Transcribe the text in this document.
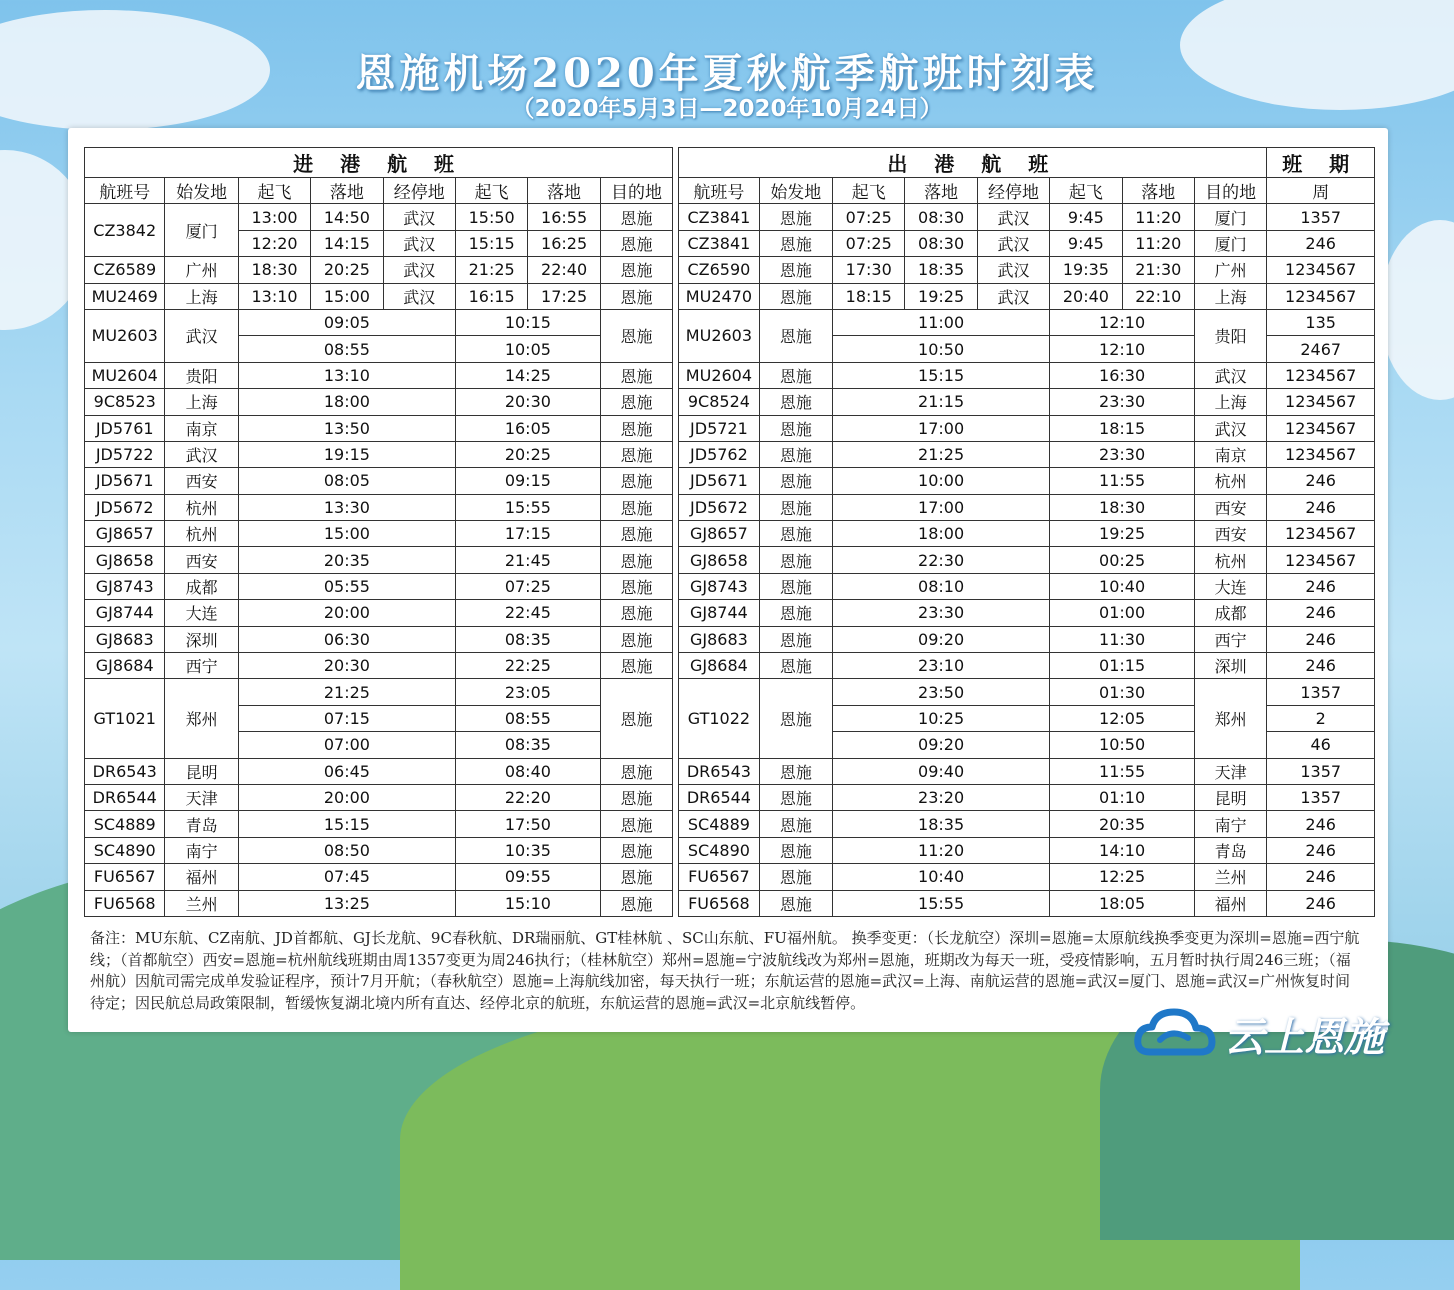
恩施机场2020年夏秋航季航班时刻表
（2020年5月3日—2020年10月24日）
进 港 航 班									出 港 航 班								班 期
航班号	始发地	起飞	落地	经停地	起飞	落地	目的地		航班号	始发地	起飞	落地	经停地	起飞	落地	目的地	周
CZ3842	厦门	13:00	14:50	武汉	15:50	16:55	恩施		CZ3841	恩施	07:25	08:30	武汉	9:45	11:20	厦门	1357
		12:20	14:15	武汉	15:15	16:25	恩施		CZ3841	恩施	07:25	08:30	武汉	9:45	11:20	厦门	246
CZ6589	广州	18:30	20:25	武汉	21:25	22:40	恩施		CZ6590	恩施	17:30	18:35	武汉	19:35	21:30	广州	1234567
MU2469	上海	13:10	15:00	武汉	16:15	17:25	恩施		MU2470	恩施	18:15	19:25	武汉	20:40	22:10	上海	1234567
MU2603	武汉	09:05			10:15		恩施		MU2603	恩施	11:00			12:10		贵阳	135
		08:55			10:05						10:50			12:10			2467
MU2604	贵阳	13:10			14:25		恩施		MU2604	恩施	15:15			16:30		武汉	1234567
9C8523	上海	18:00			20:30		恩施		9C8524	恩施	21:15			23:30		上海	1234567
JD5761	南京	13:50			16:05		恩施		JD5721	恩施	17:00			18:15		武汉	1234567
JD5722	武汉	19:15			20:25		恩施		JD5762	恩施	21:25			23:30		南京	1234567
JD5671	西安	08:05			09:15		恩施		JD5671	恩施	10:00			11:55		杭州	246
JD5672	杭州	13:30			15:55		恩施		JD5672	恩施	17:00			18:30		西安	246
GJ8657	杭州	15:00			17:15		恩施		GJ8657	恩施	18:00			19:25		西安	1234567
GJ8658	西安	20:35			21:45		恩施		GJ8658	恩施	22:30			00:25		杭州	1234567
GJ8743	成都	05:55			07:25		恩施		GJ8743	恩施	08:10			10:40		大连	246
GJ8744	大连	20:00			22:45		恩施		GJ8744	恩施	23:30			01:00		成都	246
GJ8683	深圳	06:30			08:35		恩施		GJ8683	恩施	09:20			11:30		西宁	246
GJ8684	西宁	20:30			22:25		恩施		GJ8684	恩施	23:10			01:15		深圳	246
GT1021	郑州	21:25			23:05		恩施		GT1022	恩施	23:50			01:30		郑州	1357
		07:15			08:55						10:25			12:05			2
		07:00			08:35						09:20			10:50			46
DR6543	昆明	06:45			08:40		恩施		DR6543	恩施	09:40			11:55		天津	1357
DR6544	天津	20:00			22:20		恩施		DR6544	恩施	23:20			01:10		昆明	1357
SC4889	青岛	15:15			17:50		恩施		SC4889	恩施	18:35			20:35		南宁	246
SC4890	南宁	08:50			10:35		恩施		SC4890	恩施	11:20			14:10		青岛	246
FU6567	福州	07:45			09:55		恩施		FU6567	恩施	10:40			12:25		兰州	246
FU6568	兰州	13:25			15:10		恩施		FU6568	恩施	15:55			18:05		福州	246
备注：MU东航、CZ南航、JD首都航、GJ长龙航、9C春秋航、DR瑞丽航、GT桂林航 、SC山东航、FU福州航。 换季变更：（长龙航空）深圳=恩施=太原航线换季变更为深圳=恩施=西宁航线；（首都航空）西安=恩施=杭州航线班期由周1357变更为周246执行；（桂林航空）郑州=恩施=宁波航线改为郑州=恩施，班期改为每天一班，受疫情影响，五月暂时执行周246三班；（福州航）因航司需完成单发验证程序，预计7月开航；（春秋航空）恩施=上海航线加密，每天执行一班；东航运营的恩施=武汉=上海、南航运营的恩施=武汉=厦门、恩施=武汉=广州恢复时间待定；因民航总局政策限制，暂缓恢复湖北境内所有直达、经停北京的航班，东航运营的恩施=武汉=北京航线暂停。
云上恩施
